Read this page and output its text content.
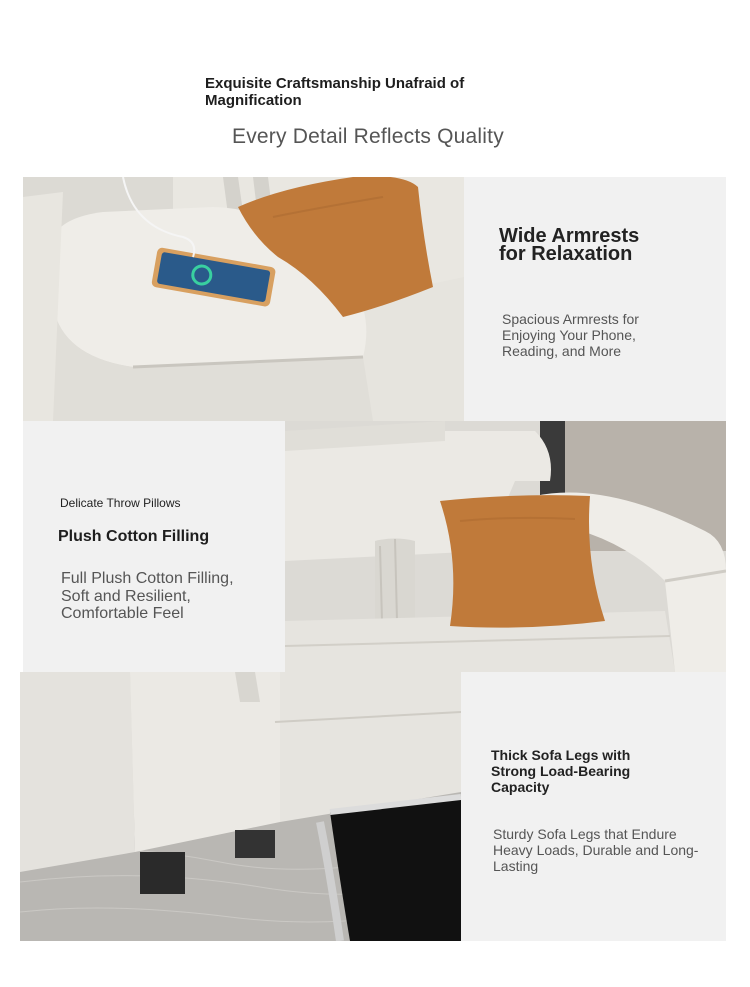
Exquisite Craftsmanship Unafraid of Magnification
Every Detail Reflects Quality
Wide Armrests for Relaxation
Spacious Armrests for Enjoying Your Phone, Reading, and More
Delicate Throw Pillows
Plush Cotton Filling
Full Plush Cotton Filling, Soft and Resilient, Comfortable Feel
Thick Sofa Legs with Strong Load-Bearing Capacity
Sturdy Sofa Legs that Endure Heavy Loads, Durable and Long-Lasting
